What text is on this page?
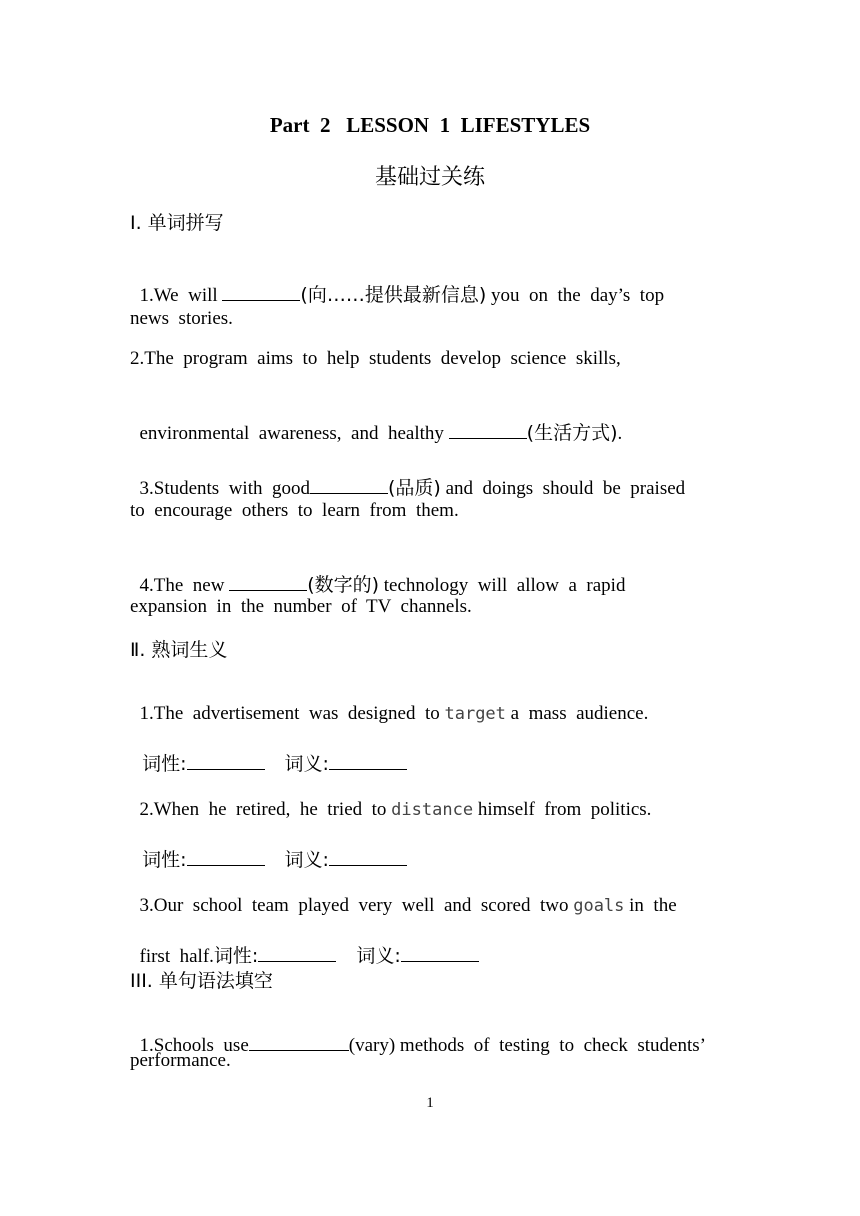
Part  2   LESSON  1  LIFESTYLES
基础过关练
Ⅰ. 单词拼写

1.We  will	(向……提供最新信息) you  on  the  day’s  top

news  stories.
2.The  program  aims  to  help  students  develop  science  skills,

environmental  awareness,  and  healthy	(生活方式).

3.Students  with  good	(品质) and  doings  should  be  praised

to  encourage  others  to  learn  from  them.

4.The  new	(数字的) technology  will  allow  a  rapid

expansion  in  the  number  of  TV  channels.
Ⅱ. 熟词生义

1.The  advertisement  was  designed  to target a  mass  audience.

词性:	词义:

2.When  he  retired,  he  tried  to distance himself  from  politics.

词性:	词义:

3.Our  school  team  played  very  well  and  scored  two goals in  the

first  half.词性:	词义:

III. 单句语法填空

1.Schools  use	(vary) methods  of  testing  to  check  students’

performance.
1
